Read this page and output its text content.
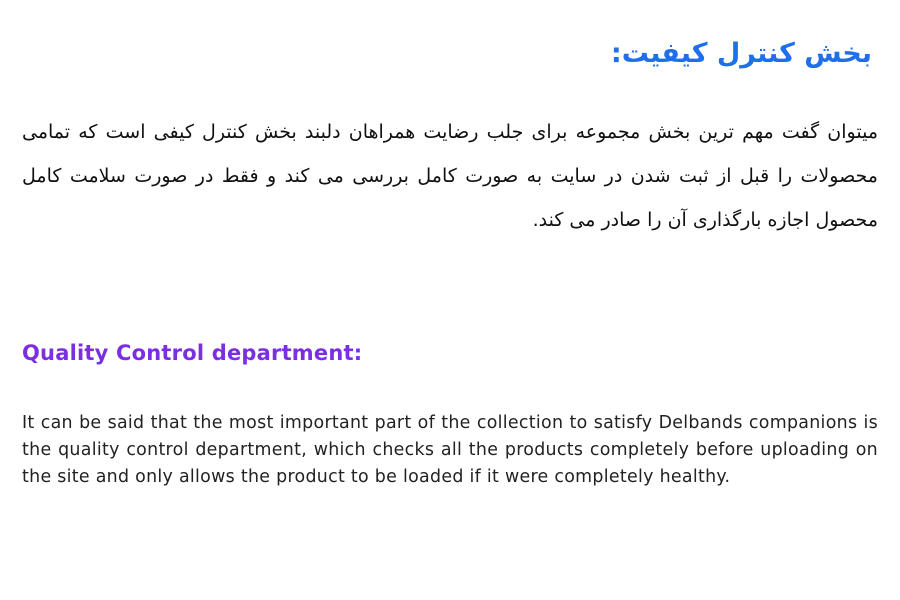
بخش کنترل کیفیت:

میتوان گفت مهم ترین بخش مجموعه برای جلب رضایت همراهان دلبند بخش کنترل کیفی است که تمامی محصولات را قبل از ثبت شدن در سایت به صورت کامل بررسی می کند و فقط در صورت سلامت کامل محصول اجازه بارگذاری آن را صادر می کند.

Quality Control department:

It can be said that the most important part of the collection to satisfy Delbands companions is the quality control department, which checks all the products completely before uploading on the site and only allows the product to be loaded if it were completely healthy.
